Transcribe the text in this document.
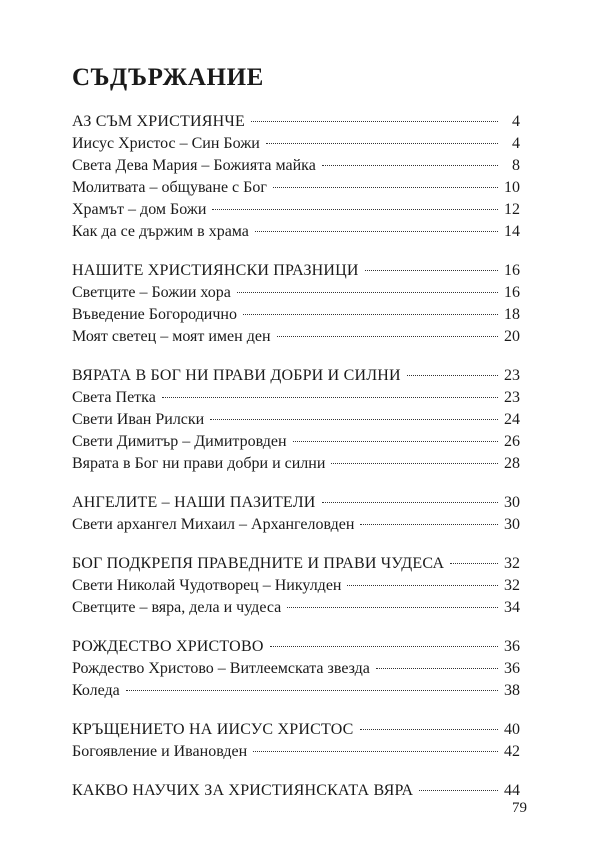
СЪДЪРЖАНИЕ
АЗ СЪМ ХРИСТИЯНЧЕ	4
Иисус Христос – Син Божи	4
Света Дева Мария – Божията майка	8
Молитвата – общуване с Бог	10
Храмът – дом Божи	12
Как да се държим в храма	14
НАШИТЕ ХРИСТИЯНСКИ ПРАЗНИЦИ	16
Светците – Божии хора	16
Въведение Богородично	18
Моят светец – моят имен ден	20
ВЯРАТА В БОГ НИ ПРАВИ ДОБРИ И СИЛНИ	23
Света Петка	23
Свети Иван Рилски	24
Свети Димитър – Димитровден	26
Вярата в Бог ни прави добри и силни	28
АНГЕЛИТЕ – НАШИ ПАЗИТЕЛИ	30
Свети архангел Михаил – Архангеловден	30
БОГ ПОДКРЕПЯ ПРАВЕДНИТЕ И ПРАВИ ЧУДЕСА	32
Свети Николай Чудотворец – Никулден	32
Светците – вяра, дела и чудеса	34
РОЖДЕСТВО ХРИСТОВО	36
Рождество Христово – Витлеемската звезда	36
Коледа	38
КРЪЩЕНИЕТО НА ИИСУС ХРИСТОС	40
Богоявление и Ивановден	42
КАКВО НАУЧИХ ЗА ХРИСТИЯНСКАТА ВЯРА	44

79
